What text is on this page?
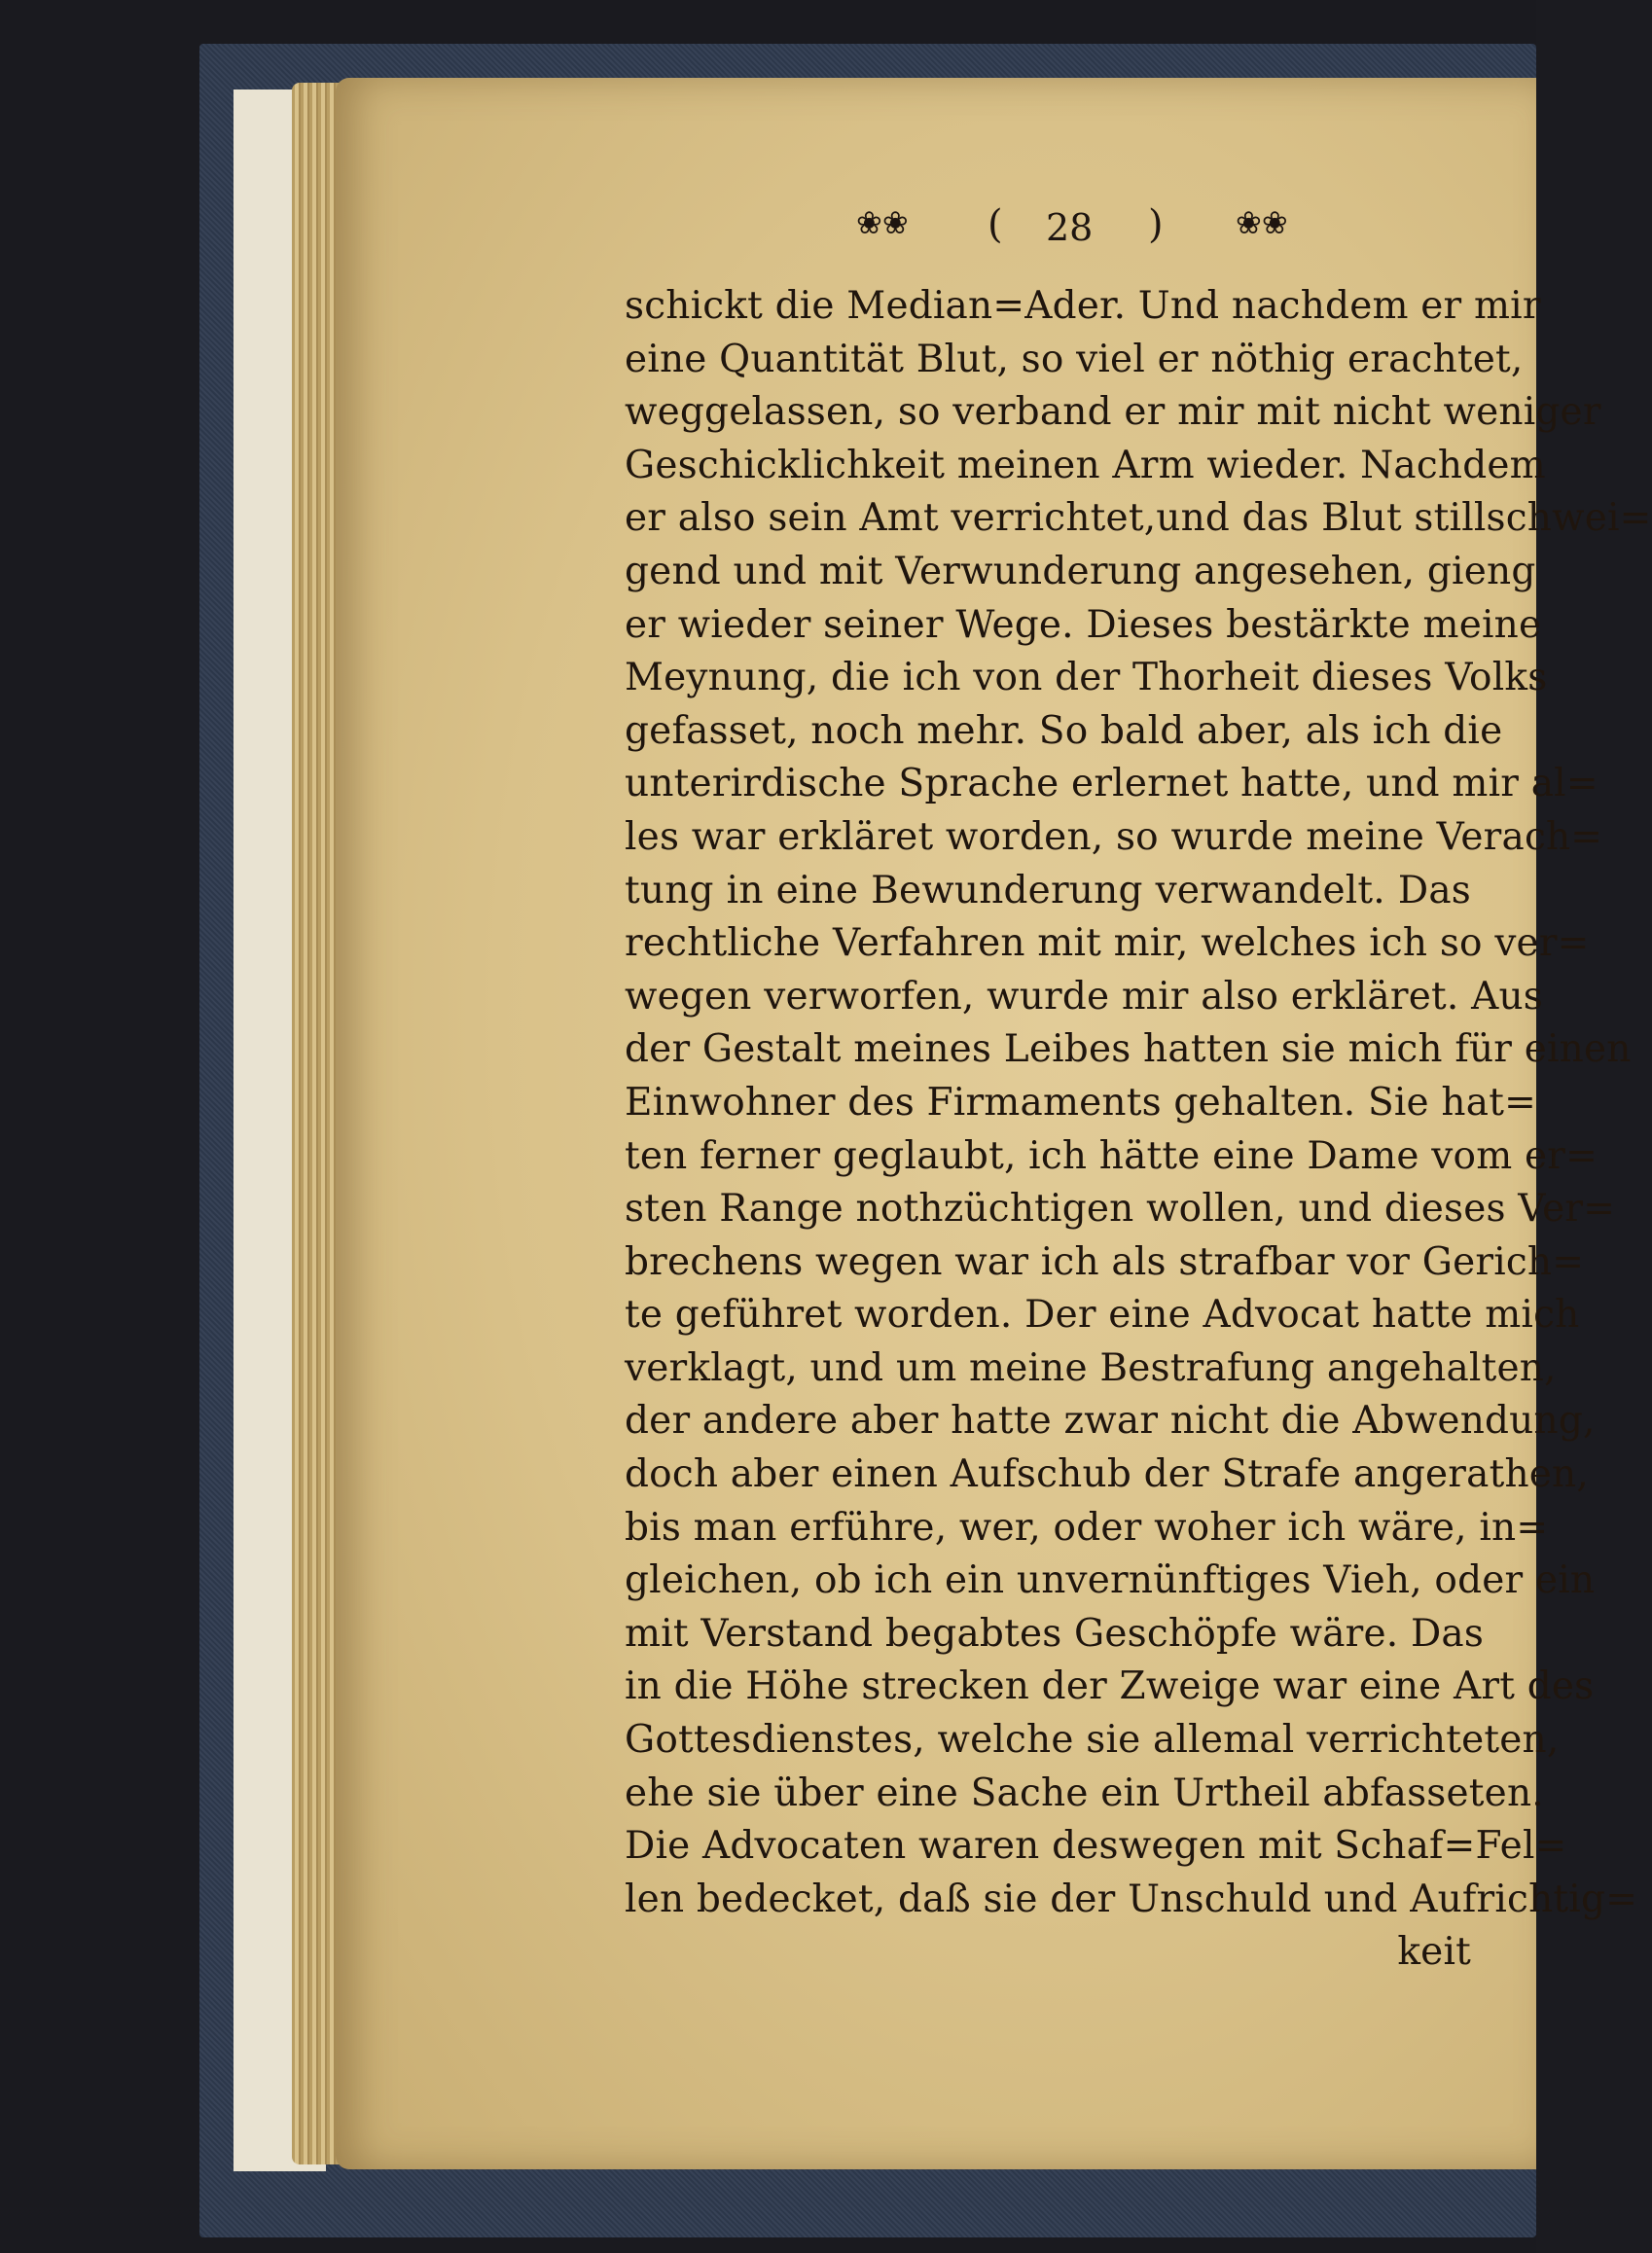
❀❀	( 28 ) ❀❀
schickt die Median=Ader. Und nachdem er mir
eine Quantität Blut, so viel er nöthig erachtet,
weggelassen, so verband er mir mit nicht weniger
Geschicklichkeit meinen Arm wieder. Nachdem
er also sein Amt verrichtet,und das Blut stillschwei=
gend und mit Verwunderung angesehen, gieng
er wieder seiner Wege. Dieses bestärkte meine
Meynung, die ich von der Thorheit dieses Volks
gefasset, noch mehr. So bald aber, als ich die
unterirdische Sprache erlernet hatte, und mir al=
les war erkläret worden, so wurde meine Verach=
tung in eine Bewunderung verwandelt. Das
rechtliche Verfahren mit mir, welches ich so ver=
wegen verworfen, wurde mir also erkläret. Aus
der Gestalt meines Leibes hatten sie mich für einen
Einwohner des Firmaments gehalten. Sie hat=
ten ferner geglaubt, ich hätte eine Dame vom er=
sten Range nothzüchtigen wollen, und dieses Ver=
brechens wegen war ich als strafbar vor Gerich=
te geführet worden. Der eine Advocat hatte mich
verklagt, und um meine Bestrafung angehalten,
der andere aber hatte zwar nicht die Abwendung,
doch aber einen Aufschub der Strafe angerathen,
bis man erführe, wer, oder woher ich wäre, in=
gleichen, ob ich ein unvernünftiges Vieh, oder ein
mit Verstand begabtes Geschöpfe wäre. Das
in die Höhe strecken der Zweige war eine Art des
Gottesdienstes, welche sie allemal verrichteten,
ehe sie über eine Sache ein Urtheil abfasseten.
Die Advocaten waren deswegen mit Schaf=Fel=
len bedecket, daß sie der Unschuld und Aufrichtig=
keit
